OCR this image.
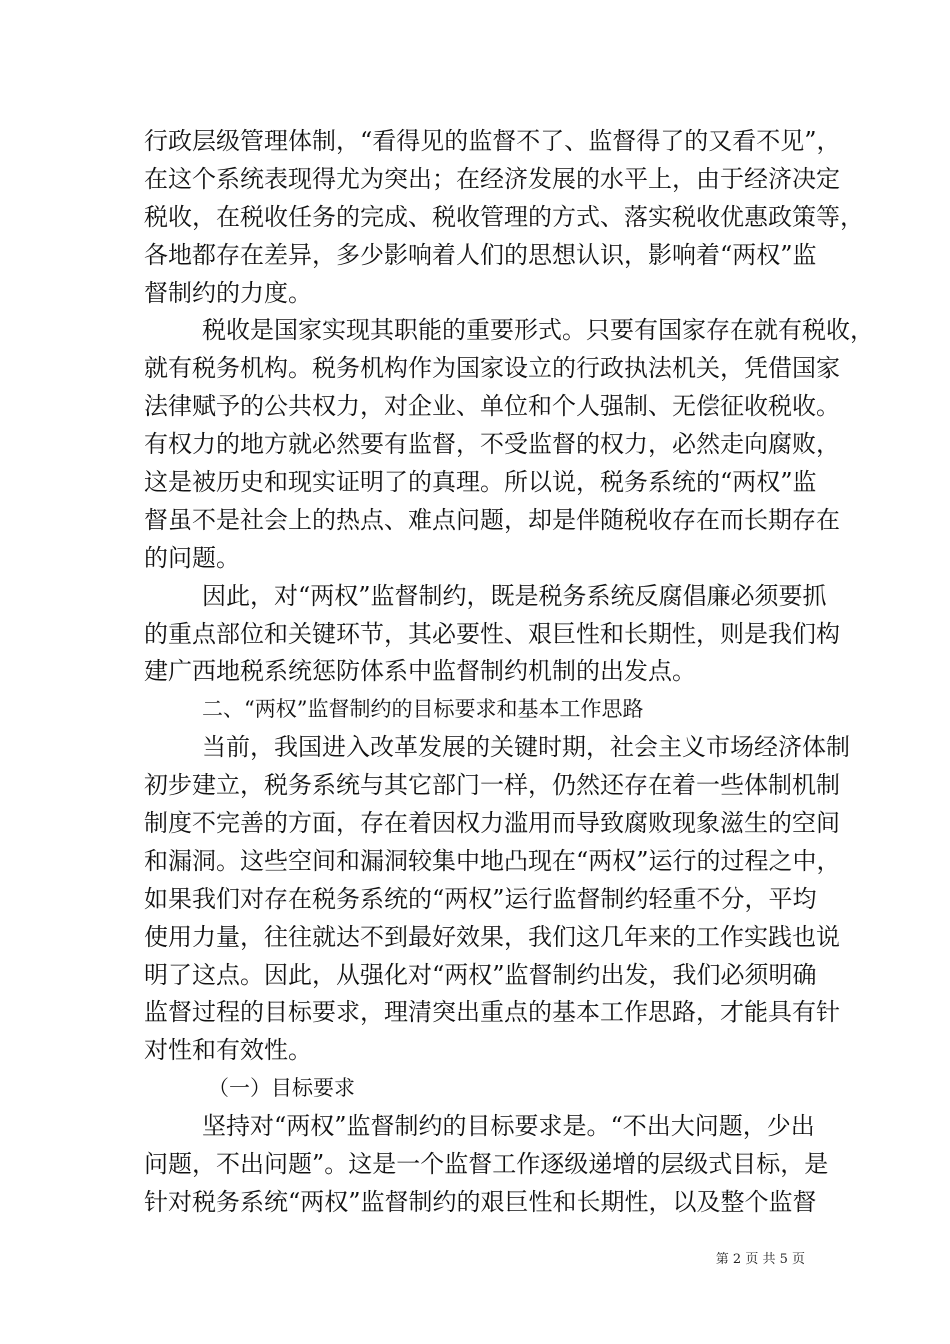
行政层级管理体制，“看得见的监督不了、监督得了的又看不见”，
在这个系统表现得尤为突出；在经济发展的水平上，由于经济决定
税收，在税收任务的完成、税收管理的方式、落实税收优惠政策等，
各地都存在差异，多少影响着人们的思想认识，影响着“两权”监
督制约的力度。
税收是国家实现其职能的重要形式。只要有国家存在就有税收，
就有税务机构。税务机构作为国家设立的行政执法机关，凭借国家
法律赋予的公共权力，对企业、单位和个人强制、无偿征收税收。
有权力的地方就必然要有监督，不受监督的权力，必然走向腐败，
这是被历史和现实证明了的真理。所以说，税务系统的“两权”监
督虽不是社会上的热点、难点问题，却是伴随税收存在而长期存在
的问题。
因此，对“两权”监督制约，既是税务系统反腐倡廉必须要抓
的重点部位和关键环节，其必要性、艰巨性和长期性，则是我们构
建广西地税系统惩防体系中监督制约机制的出发点。
二、“两权”监督制约的目标要求和基本工作思路
当前，我国进入改革发展的关键时期，社会主义市场经济体制
初步建立，税务系统与其它部门一样，仍然还存在着一些体制机制
制度不完善的方面，存在着因权力滥用而导致腐败现象滋生的空间
和漏洞。这些空间和漏洞较集中地凸现在“两权”运行的过程之中，
如果我们对存在税务系统的“两权”运行监督制约轻重不分，平均
使用力量，往往就达不到最好效果，我们这几年来的工作实践也说
明了这点。因此，从强化对“两权”监督制约出发，我们必须明确
监督过程的目标要求，理清突出重点的基本工作思路，才能具有针
对性和有效性。
（一）目标要求
坚持对“两权”监督制约的目标要求是。“不出大问题，少出
问题，不出问题”。这是一个监督工作逐级递增的层级式目标，是
针对税务系统“两权”监督制约的艰巨性和长期性，以及整个监督
第 2 页 共 5 页
